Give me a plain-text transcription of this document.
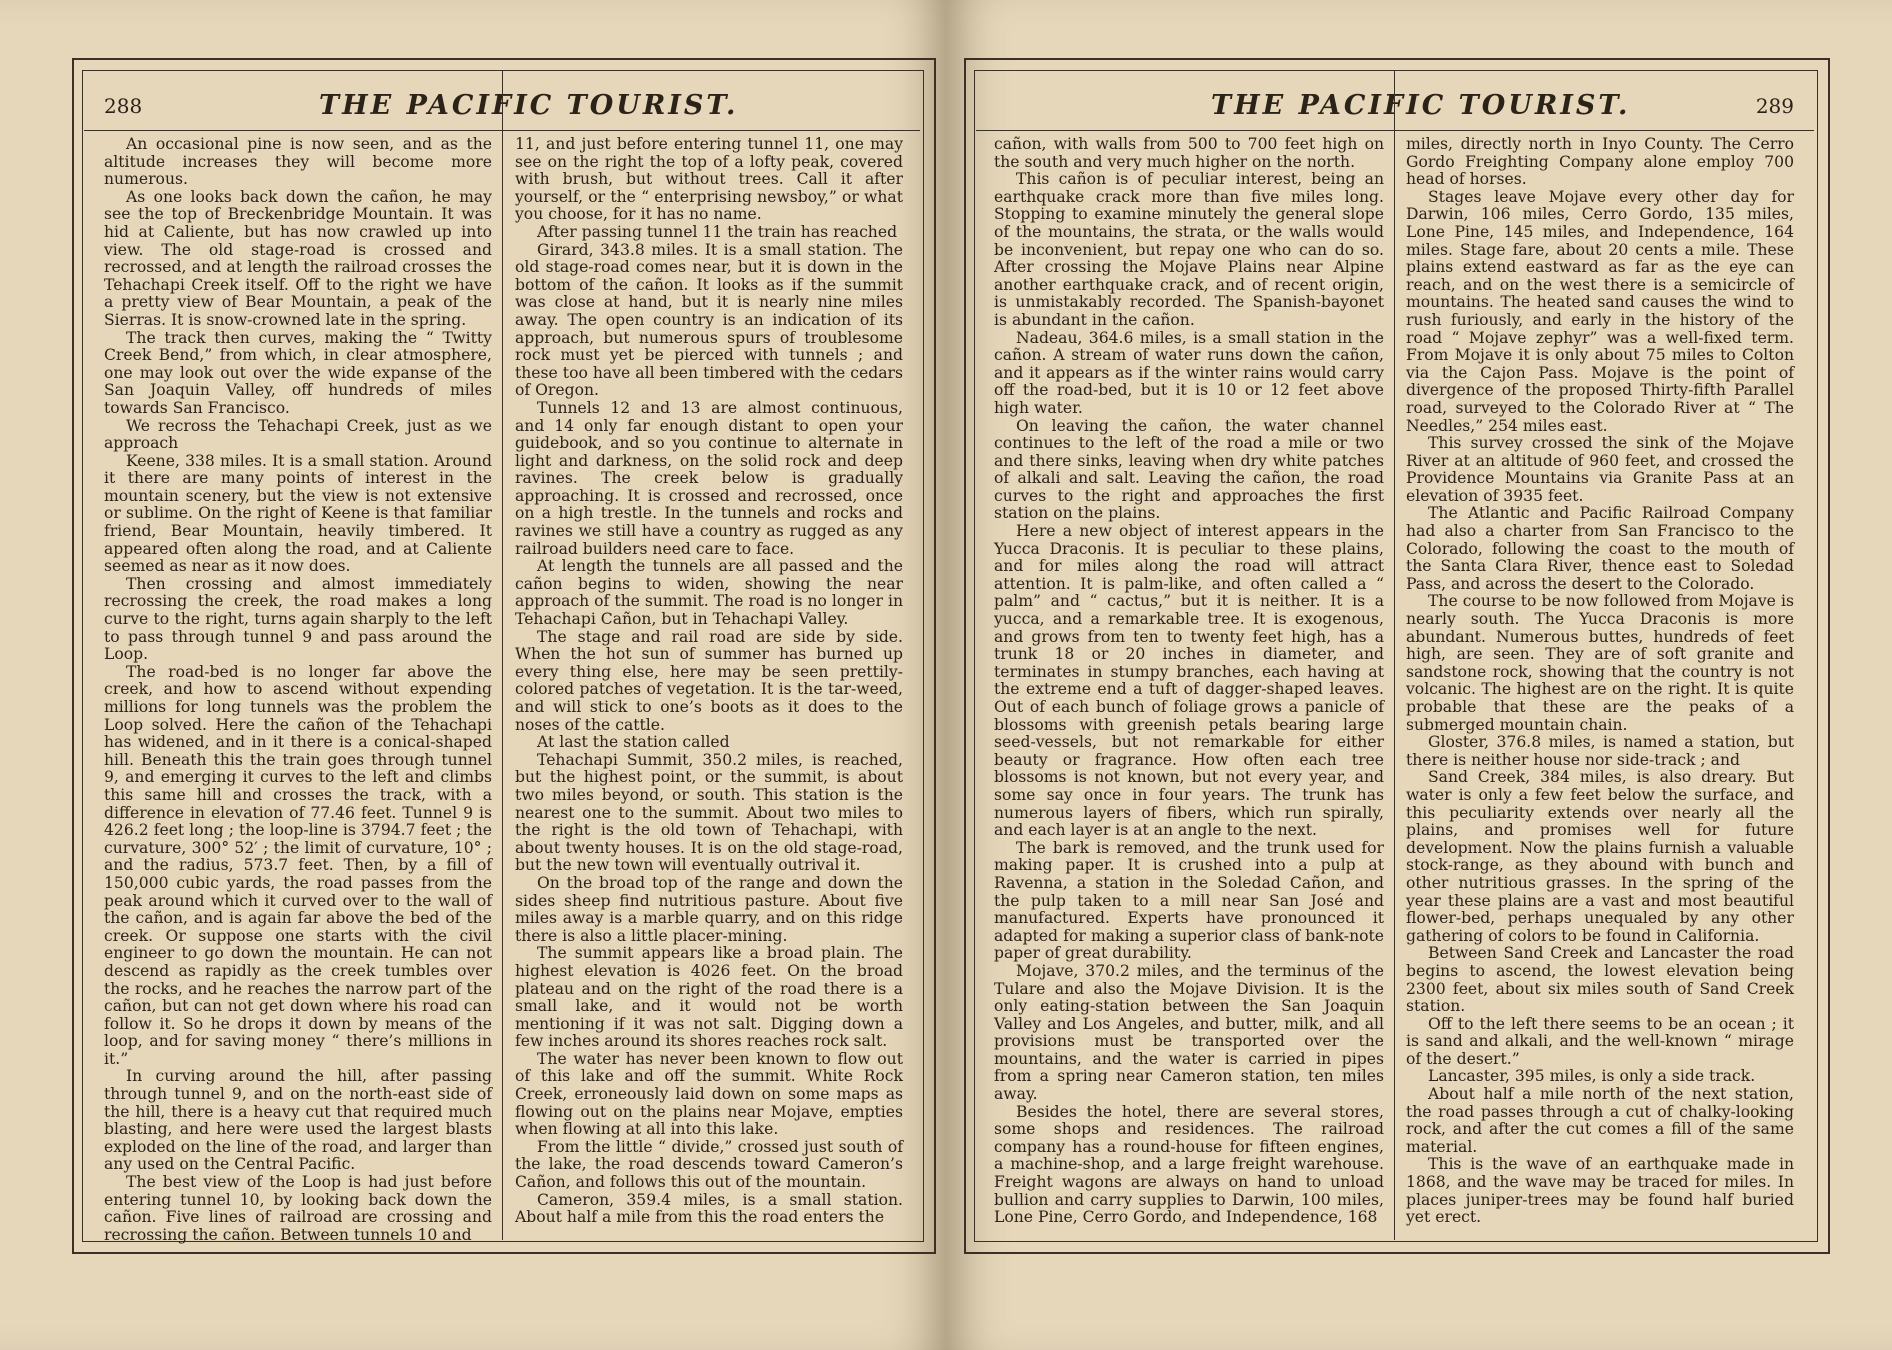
288	THE PACIFIC TOURIST.

An occasional pine is now seen, and as the altitude increases they will become more numerous.

As one looks back down the cañon, he may see the top of Breckenbridge Mountain. It was hid at Caliente, but has now crawled up into view. The old stage-road is crossed and recrossed, and at length the railroad crosses the Tehachapi Creek itself. Off to the right we have a pretty view of Bear Mountain, a peak of the Sierras. It is snow-crowned late in the spring.

The track then curves, making the “ Twitty Creek Bend,” from which, in clear atmosphere, one may look out over the wide expanse of the San Joaquin Valley, off hundreds of miles towards San Francisco.

We recross the Tehachapi Creek, just as we approach

Keene, 338 miles. It is a small station. Around it there are many points of interest in the mountain scenery, but the view is not extensive or sublime. On the right of Keene is that familiar friend, Bear Mountain, heavily timbered. It appeared often along the road, and at Caliente seemed as near as it now does.

Then crossing and almost immediately recrossing the creek, the road makes a long curve to the right, turns again sharply to the left to pass through tunnel 9 and pass around the Loop.

The road-bed is no longer far above the creek, and how to ascend without expending millions for long tunnels was the problem the Loop solved. Here the cañon of the Tehachapi has widened, and in it there is a conical-shaped hill. Beneath this the train goes through tunnel 9, and emerging it curves to the left and climbs this same hill and crosses the track, with a difference in elevation of 77.46 feet. Tunnel 9 is 426.2 feet long ; the loop-line is 3794.7 feet ; the curvature, 300° 52′ ; the limit of curvature, 10° ; and the radius, 573.7 feet. Then, by a fill of 150,000 cubic yards, the road passes from the peak around which it curved over to the wall of the cañon, and is again far above the bed of the creek. Or suppose one starts with the civil engineer to go down the mountain. He can not descend as rapidly as the creek tumbles over the rocks, and he reaches the narrow part of the cañon, but can not get down where his road can follow it. So he drops it down by means of the loop, and for saving money “ there’s millions in it.”

In curving around the hill, after passing through tunnel 9, and on the north-east side of the hill, there is a heavy cut that required much blasting, and here were used the largest blasts exploded on the line of the road, and larger than any used on the Central Pacific.

The best view of the Loop is had just before entering tunnel 10, by looking back down the cañon. Five lines of railroad are crossing and recrossing the cañon. Between tunnels 10 and

11, and just before entering tunnel 11, one may see on the right the top of a lofty peak, covered with brush, but without trees. Call it after yourself, or the “ enterprising newsboy,” or what you choose, for it has no name.

After passing tunnel 11 the train has reached

Girard, 343.8 miles. It is a small station. The old stage-road comes near, but it is down in the bottom of the cañon. It looks as if the summit was close at hand, but it is nearly nine miles away. The open country is an indication of its approach, but numerous spurs of troublesome rock must yet be pierced with tunnels ; and these too have all been timbered with the cedars of Oregon.

Tunnels 12 and 13 are almost continuous, and 14 only far enough distant to open your guidebook, and so you continue to alternate in light and darkness, on the solid rock and deep ravines. The creek below is gradually approaching. It is crossed and recrossed, once on a high trestle. In the tunnels and rocks and ravines we still have a country as rugged as any railroad builders need care to face.

At length the tunnels are all passed and the cañon begins to widen, showing the near approach of the summit. The road is no longer in Tehachapi Cañon, but in Tehachapi Valley.

The stage and rail road are side by side. When the hot sun of summer has burned up every thing else, here may be seen prettily-colored patches of vegetation. It is the tar-weed, and will stick to one’s boots as it does to the noses of the cattle.

At last the station called

Tehachapi Summit, 350.2 miles, is reached, but the highest point, or the summit, is about two miles beyond, or south. This station is the nearest one to the summit. About two miles to the right is the old town of Tehachapi, with about twenty houses. It is on the old stage-road, but the new town will eventually outrival it.

On the broad top of the range and down the sides sheep find nutritious pasture. About five miles away is a marble quarry, and on this ridge there is also a little placer-mining.

The summit appears like a broad plain. The highest elevation is 4026 feet. On the broad plateau and on the right of the road there is a small lake, and it would not be worth mentioning if it was not salt. Digging down a few inches around its shores reaches rock salt.

The water has never been known to flow out of this lake and off the summit. White Rock Creek, erroneously laid down on some maps as flowing out on the plains near Mojave, empties when flowing at all into this lake.

From the little “ divide,” crossed just south of the lake, the road descends toward Cameron’s Cañon, and follows this out of the mountain.

Cameron, 359.4 miles, is a small station. About half a mile from this the road enters the

THE PACIFIC TOURIST.	289

cañon, with walls from 500 to 700 feet high on the south and very much higher on the north.

This cañon is of peculiar interest, being an earthquake crack more than five miles long. Stopping to examine minutely the general slope of the mountains, the strata, or the walls would be inconvenient, but repay one who can do so. After crossing the Mojave Plains near Alpine another earthquake crack, and of recent origin, is unmistakably recorded. The Spanish-bayonet is abundant in the cañon.

Nadeau, 364.6 miles, is a small station in the cañon. A stream of water runs down the cañon, and it appears as if the winter rains would carry off the road-bed, but it is 10 or 12 feet above high water.

On leaving the cañon, the water channel continues to the left of the road a mile or two and there sinks, leaving when dry white patches of alkali and salt. Leaving the cañon, the road curves to the right and approaches the first station on the plains.

Here a new object of interest appears in the Yucca Draconis. It is peculiar to these plains, and for miles along the road will attract attention. It is palm-like, and often called a “ palm” and “ cactus,” but it is neither. It is a yucca, and a remarkable tree. It is exogenous, and grows from ten to twenty feet high, has a trunk 18 or 20 inches in diameter, and terminates in stumpy branches, each having at the extreme end a tuft of dagger-shaped leaves. Out of each bunch of foliage grows a panicle of blossoms with greenish petals bearing large seed-vessels, but not remarkable for either beauty or fragrance. How often each tree blossoms is not known, but not every year, and some say once in four years. The trunk has numerous layers of fibers, which run spirally, and each layer is at an angle to the next.

The bark is removed, and the trunk used for making paper. It is crushed into a pulp at Ravenna, a station in the Soledad Cañon, and the pulp taken to a mill near San José and manufactured. Experts have pronounced it adapted for making a superior class of bank-note paper of great durability.

Mojave, 370.2 miles, and the terminus of the Tulare and also the Mojave Division. It is the only eating-station between the San Joaquin Valley and Los Angeles, and butter, milk, and all provisions must be transported over the mountains, and the water is carried in pipes from a spring near Cameron station, ten miles away.

Besides the hotel, there are several stores, some shops and residences. The railroad company has a round-house for fifteen engines, a machine-shop, and a large freight warehouse. Freight wagons are always on hand to unload bullion and carry supplies to Darwin, 100 miles, Lone Pine, Cerro Gordo, and Independence, 168

miles, directly north in Inyo County. The Cerro Gordo Freighting Company alone employ 700 head of horses.

Stages leave Mojave every other day for Darwin, 106 miles, Cerro Gordo, 135 miles, Lone Pine, 145 miles, and Independence, 164 miles. Stage fare, about 20 cents a mile. These plains extend eastward as far as the eye can reach, and on the west there is a semicircle of mountains. The heated sand causes the wind to rush furiously, and early in the history of the road “ Mojave zephyr” was a well-fixed term. From Mojave it is only about 75 miles to Colton via the Cajon Pass. Mojave is the point of divergence of the proposed Thirty-fifth Parallel road, surveyed to the Colorado River at “ The Needles,” 254 miles east.

This survey crossed the sink of the Mojave River at an altitude of 960 feet, and crossed the Providence Mountains via Granite Pass at an elevation of 3935 feet.

The Atlantic and Pacific Railroad Company had also a charter from San Francisco to the Colorado, following the coast to the mouth of the Santa Clara River, thence east to Soledad Pass, and across the desert to the Colorado.

The course to be now followed from Mojave is nearly south. The Yucca Draconis is more abundant. Numerous buttes, hundreds of feet high, are seen. They are of soft granite and sandstone rock, showing that the country is not volcanic. The highest are on the right. It is quite probable that these are the peaks of a submerged mountain chain.

Gloster, 376.8 miles, is named a station, but there is neither house nor side-track ; and

Sand Creek, 384 miles, is also dreary. But water is only a few feet below the surface, and this peculiarity extends over nearly all the plains, and promises well for future development. Now the plains furnish a valuable stock-range, as they abound with bunch and other nutritious grasses. In the spring of the year these plains are a vast and most beautiful flower-bed, perhaps unequaled by any other gathering of colors to be found in California.

Between Sand Creek and Lancaster the road begins to ascend, the lowest elevation being 2300 feet, about six miles south of Sand Creek station.

Off to the left there seems to be an ocean ; it is sand and alkali, and the well-known “ mirage of the desert.”

Lancaster, 395 miles, is only a side track.

About half a mile north of the next station, the road passes through a cut of chalky-looking rock, and after the cut comes a fill of the same material.

This is the wave of an earthquake made in 1868, and the wave may be traced for miles. In places juniper-trees may be found half buried yet erect.
